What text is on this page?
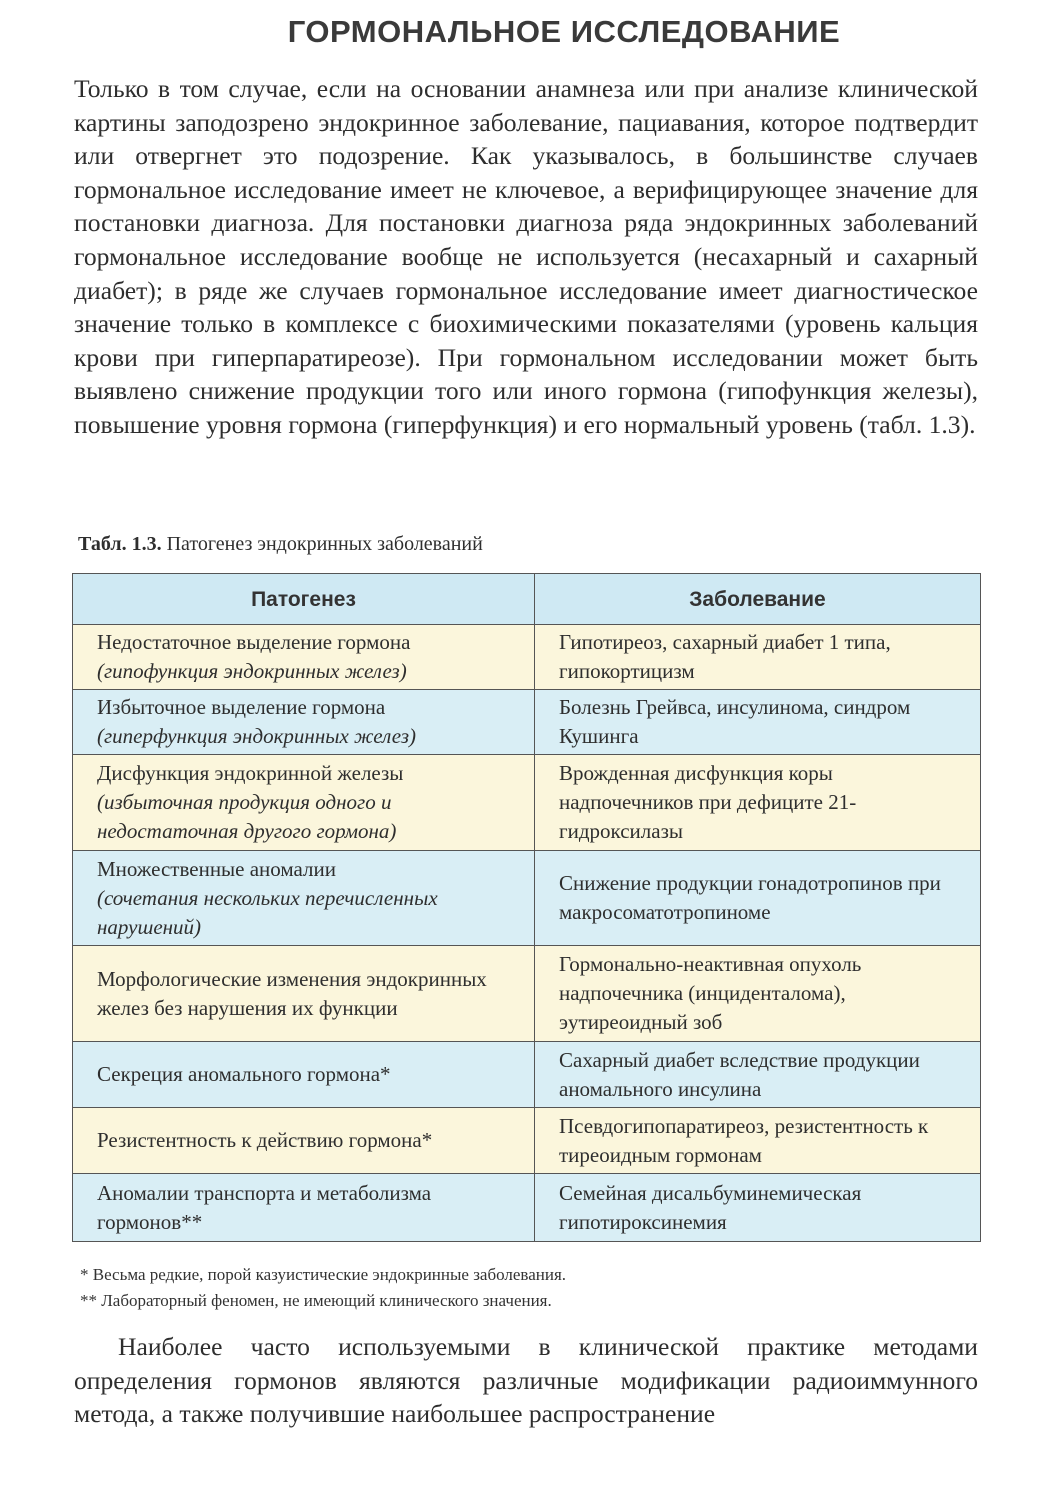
ГОРМОНАЛЬНОЕ ИССЛЕДОВАНИЕ

Только в том случае, если на основании анамнеза или при анализе клинической картины заподозрено эндокринное заболевание, пациавания, которое подтвердит или отвергнет это подозрение. Как указывалось, в большинстве случаев гормональное исследование имеет не ключевое, а верифицирующее значение для постановки диагноза. Для постановки диагноза ряда эндокринных заболеваний гормональное исследование вообще не используется (несахарный и сахарный диабет); в ряде же случаев гормональное исследование имеет диагностическое значение только в комплексе с биохимическими показателями (уровень кальция крови при гиперпаратиреозе). При гормональном исследовании может быть выявлено снижение продукции того или иного гормона (гипофункция железы), повышение уровня гормона (гиперфункция) и его нормальный уровень (табл. 1.3).

Табл. 1.3. Патогенез эндокринных заболеваний

Патогенез	Заболевание

Недостаточное выделение гормона
(гипофункция эндокринных желез)	Гипотиреоз, сахарный диабет 1 типа, гипокортицизм

Избыточное выделение гормона
(гиперфункция эндокринных желез)	Болезнь Грейвса, инсулинома, синдром Кушинга

Дисфункция эндокринной железы
(избыточная продукция одного и недостаточная другого гормона)	Врожденная дисфункция коры надпочечников при дефиците 21-гидроксилазы

Множественные аномалии
(сочетания нескольких перечисленных нарушений)	Снижение продукции гонадотропинов при макросоматотропиноме

Морфологические изменения эндокринных желез без нарушения их функции	Гормонально-неактивная опухоль надпочечника (инциденталома), эутиреоидный зоб

Секреция аномального гормона*	Сахарный диабет вследствие продукции аномального инсулина

Резистентность к действию гормона*	Псевдогипопаратиреоз, резистентность к тиреоидным гормонам

Аномалии транспорта и метаболизма гормонов**	Семейная дисальбуминемическая гипотироксинемия
* Весьма редкие, порой казуистические эндокринные заболевания.
** Лабораторный феномен, не имеющий клинического значения.

Наиболее часто используемыми в клинической практике методами определения гормонов являются различные модификации радиоиммунного метода, а также получившие наибольшее распространение
